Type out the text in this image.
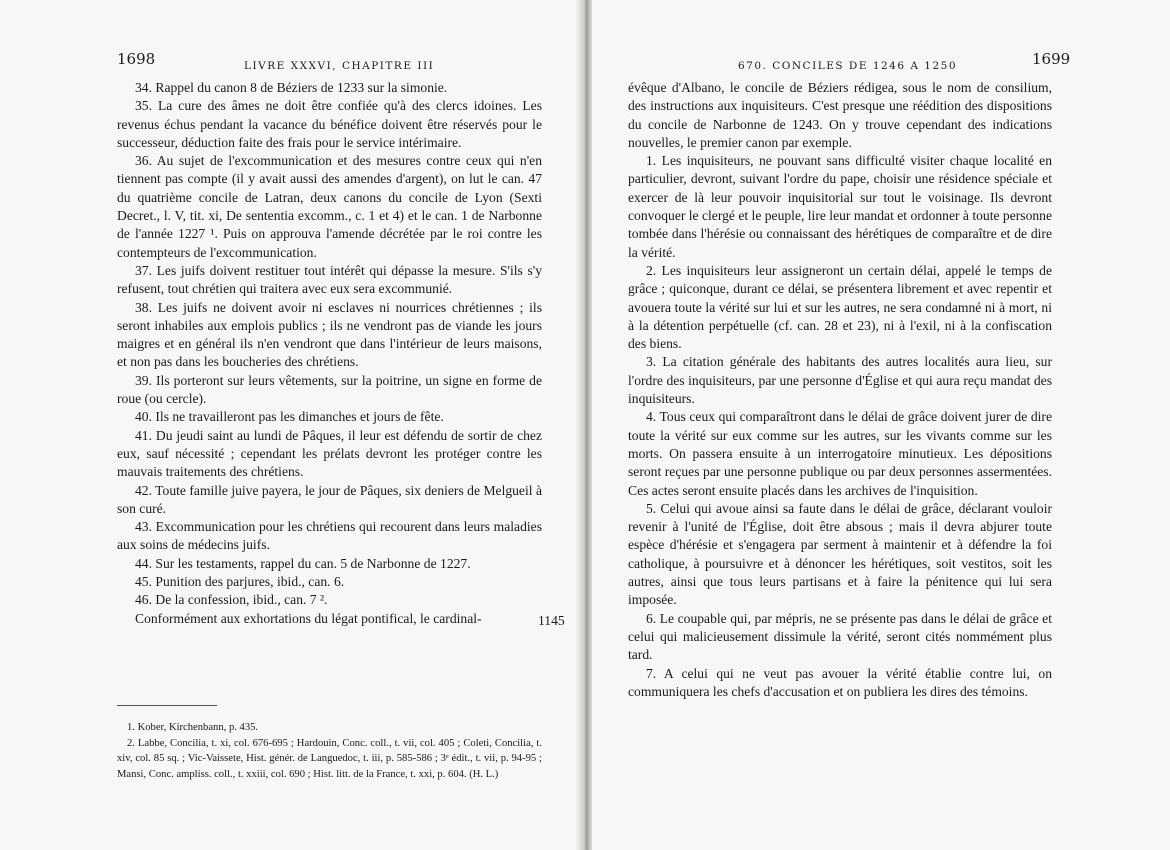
1698	LIVRE XXXVI, CHAPITRE III

34. Rappel du canon 8 de Béziers de 1233 sur la simonie.

35. La cure des âmes ne doit être confiée qu'à des clercs idoines. Les revenus échus pendant la vacance du bénéfice doivent être réservés pour le successeur, déduction faite des frais pour le service intérimaire.

36. Au sujet de l'excommunication et des mesures contre ceux qui n'en tiennent pas compte (il y avait aussi des amendes d'argent), on lut le can. 47 du quatrième concile de Latran, deux canons du concile de Lyon (Sexti Decret., l. V, tit. xi, De sententia excomm., c. 1 et 4) et le can. 1 de Narbonne de l'année 1227 ¹. Puis on approuva l'amende décrétée par le roi contre les contempteurs de l'excommunication.

37. Les juifs doivent restituer tout intérêt qui dépasse la mesure. S'ils s'y refusent, tout chrétien qui traitera avec eux sera excommunié.

38. Les juifs ne doivent avoir ni esclaves ni nourrices chrétiennes ; ils seront inhabiles aux emplois publics ; ils ne vendront pas de viande les jours maigres et en général ils n'en vendront que dans l'intérieur de leurs maisons, et non pas dans les boucheries des chrétiens.

39. Ils porteront sur leurs vêtements, sur la poitrine, un signe en forme de roue (ou cercle).

40. Ils ne travailleront pas les dimanches et jours de fête.

41. Du jeudi saint au lundi de Pâques, il leur est défendu de sortir de chez eux, sauf nécessité ; cependant les prélats devront les protéger contre les mauvais traitements des chrétiens.

42. Toute famille juive payera, le jour de Pâques, six deniers de Melgueil à son curé.

43. Excommunication pour les chrétiens qui recourent dans leurs maladies aux soins de médecins juifs.

44. Sur les testaments, rappel du can. 5 de Narbonne de 1227.

45. Punition des parjures, ibid., can. 6.

46. De la confession, ibid., can. 7 ².

Conformément aux exhortations du légat pontifical, le cardinal-	1145

1. Kober, Kirchenbann, p. 435.

2. Labbe, Concilia, t. xi, col. 676-695 ; Hardouin, Conc. coll., t. vii, col. 405 ; Coleti, Concilia, t. xiv, col. 85 sq. ; Vic-Vaissete, Hist. génér. de Languedoc, t. iii, p. 585-586 ; 3ᵉ édit., t. vii, p. 94-95 ; Mansi, Conc. ampliss. coll., t. xxiii, col. 690 ; Hist. litt. de la France, t. xxi, p. 604. (H. L.)

670. CONCILES DE 1246 A 1250	1699

évêque d'Albano, le concile de Béziers rédigea, sous le nom de consilium, des instructions aux inquisiteurs. C'est presque une réédition des dispositions du concile de Narbonne de 1243. On y trouve cependant des indications nouvelles, le premier canon par exemple.

1. Les inquisiteurs, ne pouvant sans difficulté visiter chaque localité en particulier, devront, suivant l'ordre du pape, choisir une résidence spéciale et exercer de là leur pouvoir inquisitorial sur tout le voisinage. Ils devront convoquer le clergé et le peuple, lire leur mandat et ordonner à toute personne tombée dans l'hérésie ou connaissant des hérétiques de comparaître et de dire la vérité.

2. Les inquisiteurs leur assigneront un certain délai, appelé le temps de grâce ; quiconque, durant ce délai, se présentera librement et avec repentir et avouera toute la vérité sur lui et sur les autres, ne sera condamné ni à mort, ni à la détention perpétuelle (cf. can. 28 et 23), ni à l'exil, ni à la confiscation des biens.

3. La citation générale des habitants des autres localités aura lieu, sur l'ordre des inquisiteurs, par une personne d'Église et qui aura reçu mandat des inquisiteurs.

4. Tous ceux qui comparaîtront dans le délai de grâce doivent jurer de dire toute la vérité sur eux comme sur les autres, sur les vivants comme sur les morts. On passera ensuite à un interrogatoire minutieux. Les dépositions seront reçues par une personne publique ou par deux personnes assermentées. Ces actes seront ensuite placés dans les archives de l'inquisition.

5. Celui qui avoue ainsi sa faute dans le délai de grâce, déclarant vouloir revenir à l'unité de l'Église, doit être absous ; mais il devra abjurer toute espèce d'hérésie et s'engagera par serment à maintenir et à défendre la foi catholique, à poursuivre et à dénoncer les hérétiques, soit vestitos, soit les autres, ainsi que tous leurs partisans et à faire la pénitence qui lui sera imposée.

6. Le coupable qui, par mépris, ne se présente pas dans le délai de grâce et celui qui malicieusement dissimule la vérité, seront cités nommément plus tard.

7. A celui qui ne veut pas avouer la vérité établie contre lui, on communiquera les chefs d'accusation et on publiera les dires des témoins.
